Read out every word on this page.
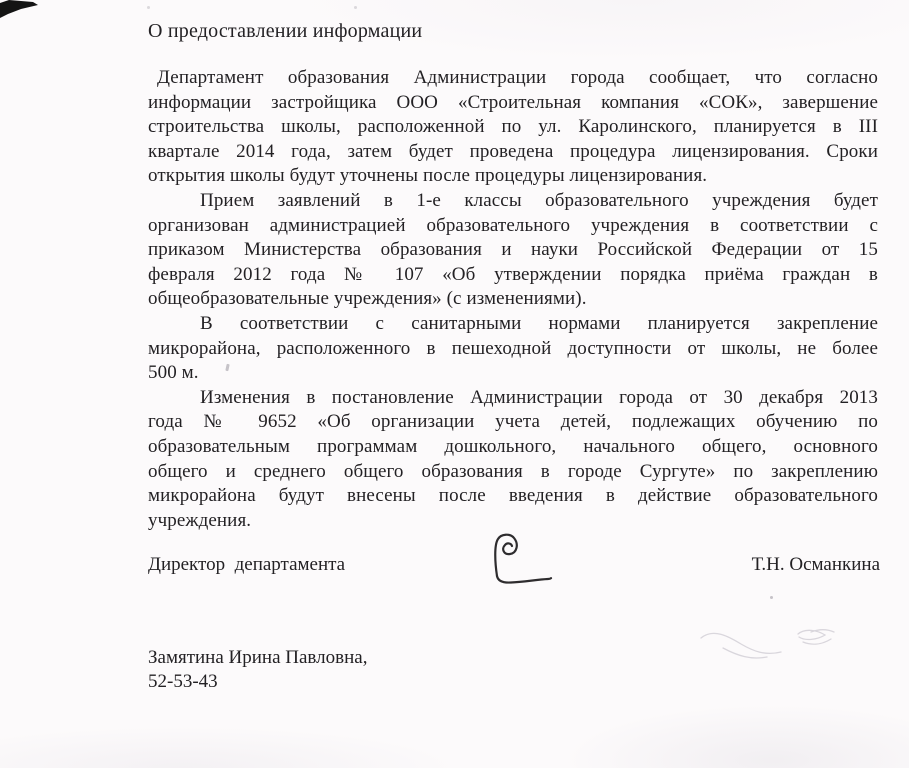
О предоставлении информации
Департамент образования Администрации города сообщает, что согласно
информации застройщика ООО «Строительная компания «СОК», завершение
строительства школы, расположенной по ул. Каролинского, планируется в III
квартале 2014 года, затем будет проведена процедура лицензирования. Сроки
открытия школы будут уточнены после процедуры лицензирования.
Прием заявлений в 1-е классы образовательного учреждения будет
организован администрацией образовательного учреждения в соответствии с
приказом Министерства образования и науки Российской Федерации от 15
февраля 2012 года № 107 «Об утверждении порядка приёма граждан в
общеобразовательные учреждения» (с изменениями).
В соответствии с санитарными нормами планируется закрепление
микрорайона, расположенного в пешеходной доступности от школы, не более
500 м.
Изменения в постановление Администрации города от 30 декабря 2013
года № 9652 «Об организации учета детей, подлежащих обучению по
образовательным программам дошкольного, начального общего, основного
общего и среднего общего образования в городе Сургуте» по закреплению
микрорайона будут внесены после введения в действие образовательного
учреждения.
Директор  департамента	Т.Н. Османкина
Замятина Ирина Павловна,
52-53-43
